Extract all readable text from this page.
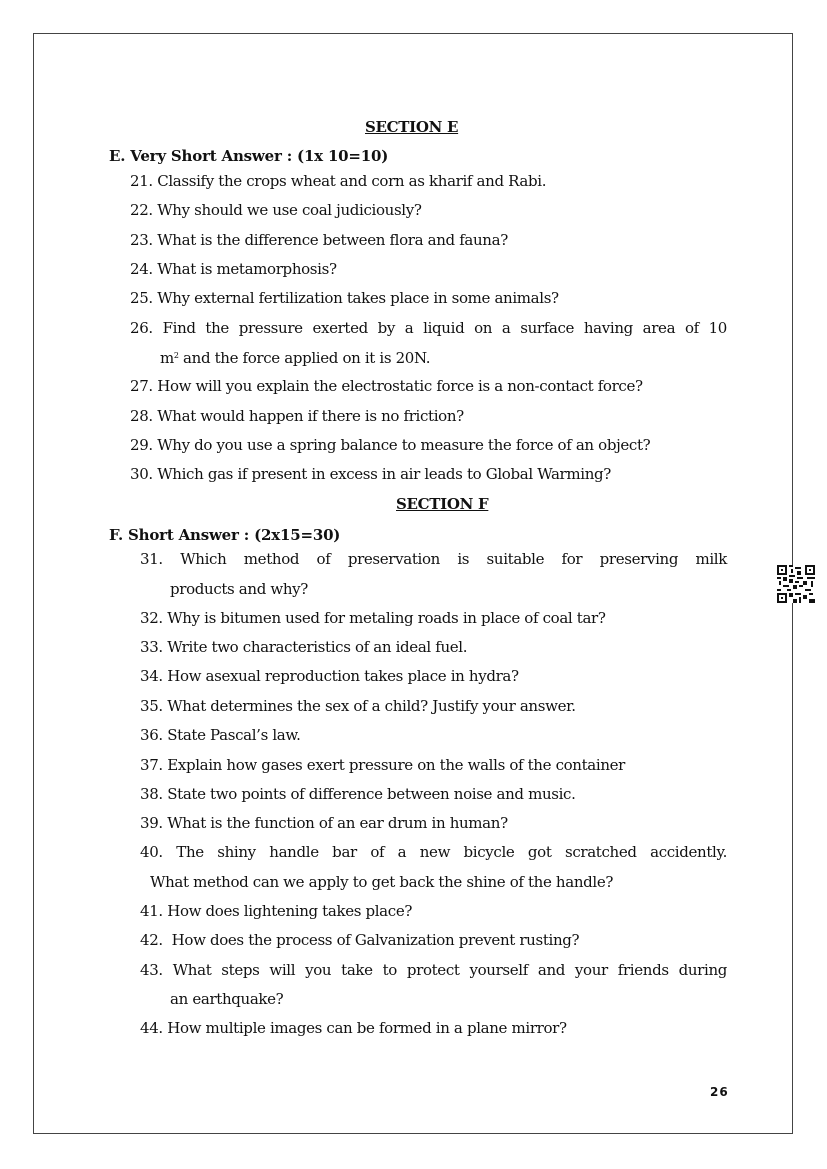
SECTION E
E. Very Short Answer : (1x 10=10)
21. Classify the crops wheat and corn as kharif and Rabi.
22. Why should we use coal judiciously?
23. What is the difference between flora and fauna?
24. What is metamorphosis?
25. Why external fertilization takes place in some animals?
26. Find the pressure exerted by a liquid on a surface having area of 10
$m^2$ and the force applied on it is 20N.
27. How will you explain the electrostatic force is a non-contact force?
28. What would happen if there is no friction?
29. Why do you use a spring balance to measure the force of an object?
30. Which gas if present in excess in air leads to Global Warming?
SECTION F
F. Short Answer : (2x15=30)
31. Which method of preservation is suitable for preserving milk
products and why?
32. Why is bitumen used for metaling roads in place of coal tar?
33. Write two characteristics of an ideal fuel.
34. How asexual reproduction takes place in hydra?
35. What determines the sex of a child? Justify your answer.
36. State Pascal’s law.
37. Explain how gases exert pressure on the walls of the container
38. State two points of difference between noise and music.
39. What is the function of an ear drum in human?
40. The shiny handle bar of a new bicycle got scratched accidently.
What method can we apply to get back the shine of the handle?
41. How does lightening takes place?
42.  How does the process of Galvanization prevent rusting?
43. What steps will you take to protect yourself and your friends during
an earthquake?
44. How multiple images can be formed in a plane mirror?
26
